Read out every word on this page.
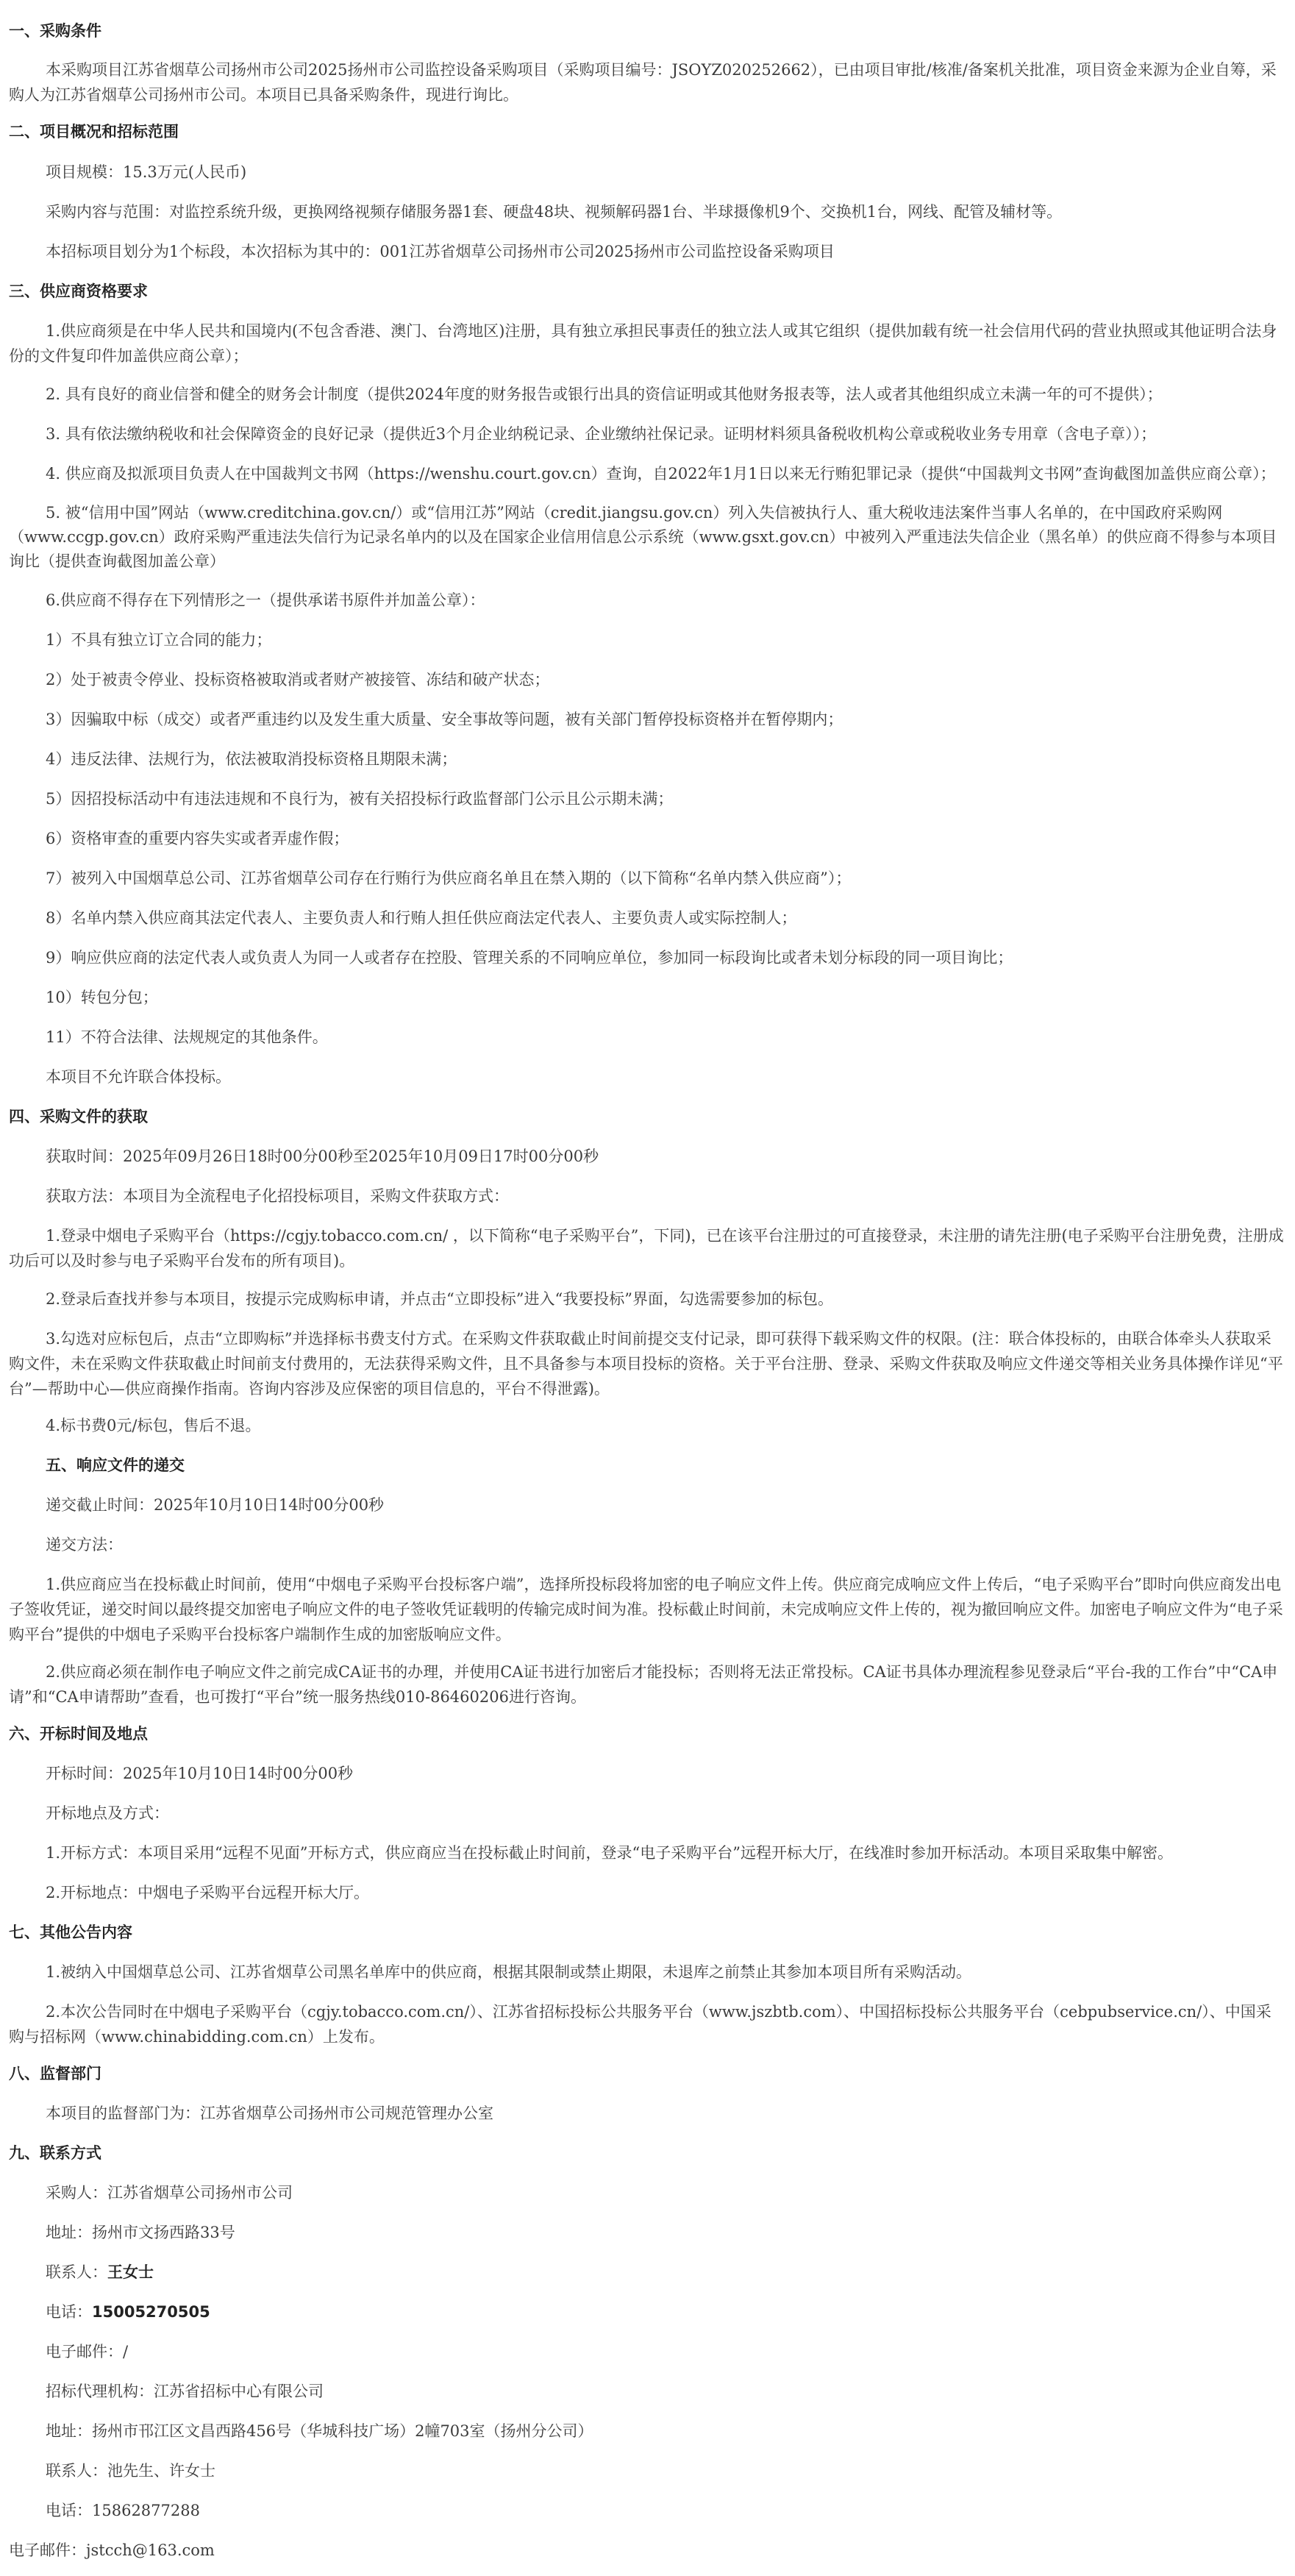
一、采购条件
本采购项目江苏省烟草公司扬州市公司2025扬州市公司监控设备采购项目（采购项目编号：JSOYZ020252662），已由项目审批/核准/备案机关批准，项目资金来源为企业自筹，采购人为江苏省烟草公司扬州市公司。本项目已具备采购条件，现进行询比。
二、项目概况和招标范围
项目规模：15.3万元(人民币)
采购内容与范围：对监控系统升级，更换网络视频存储服务器1套、硬盘48块、视频解码器1台、半球摄像机9个、交换机1台，网线、配管及辅材等。
本招标项目划分为1个标段，本次招标为其中的：001江苏省烟草公司扬州市公司2025扬州市公司监控设备采购项目
三、供应商资格要求
1.供应商须是在中华人民共和国境内(不包含香港、澳门、台湾地区)注册，具有独立承担民事责任的独立法人或其它组织（提供加载有统一社会信用代码的营业执照或其他证明合法身份的文件复印件加盖供应商公章）；
2. 具有良好的商业信誉和健全的财务会计制度（提供2024年度的财务报告或银行出具的资信证明或其他财务报表等，法人或者其他组织成立未满一年的可不提供）；
3. 具有依法缴纳税收和社会保障资金的良好记录（提供近3个月企业纳税记录、企业缴纳社保记录。证明材料须具备税收机构公章或税收业务专用章（含电子章））；
4. 供应商及拟派项目负责人在中国裁判文书网（https://wenshu.court.gov.cn）查询，自2022年1月1日以来无行贿犯罪记录（提供“中国裁判文书网”查询截图加盖供应商公章）；
5. 被“信用中国”网站（www.creditchina.gov.cn/）或“信用江苏”网站（credit.jiangsu.gov.cn）列入失信被执行人、重大税收违法案件当事人名单的，在中国政府采购网（www.ccgp.gov.cn）政府采购严重违法失信行为记录名单内的以及在国家企业信用信息公示系统（www.gsxt.gov.cn）中被列入严重违法失信企业（黑名单）的供应商不得参与本项目询比（提供查询截图加盖公章）
6.供应商不得存在下列情形之一（提供承诺书原件并加盖公章）：
1）不具有独立订立合同的能力；
2）处于被责令停业、投标资格被取消或者财产被接管、冻结和破产状态；
3）因骗取中标（成交）或者严重违约以及发生重大质量、安全事故等问题，被有关部门暂停投标资格并在暂停期内；
4）违反法律、法规行为，依法被取消投标资格且期限未满；
5）因招投标活动中有违法违规和不良行为，被有关招投标行政监督部门公示且公示期未满；
6）资格审查的重要内容失实或者弄虚作假；
7）被列入中国烟草总公司、江苏省烟草公司存在行贿行为供应商名单且在禁入期的（以下简称“名单内禁入供应商”）；
8）名单内禁入供应商其法定代表人、主要负责人和行贿人担任供应商法定代表人、主要负责人或实际控制人；
9）响应供应商的法定代表人或负责人为同一人或者存在控股、管理关系的不同响应单位，参加同一标段询比或者未划分标段的同一项目询比；
10）转包分包；
11）不符合法律、法规规定的其他条件。
本项目不允许联合体投标。
四、采购文件的获取
获取时间：2025年09月26日18时00分00秒至2025年10月09日17时00分00秒
获取方法：本项目为全流程电子化招投标项目，采购文件获取方式：
1.登录中烟电子采购平台（https://cgjy.tobacco.com.cn/ ，以下简称“电子采购平台”，下同)，已在该平台注册过的可直接登录，未注册的请先注册(电子采购平台注册免费，注册成功后可以及时参与电子采购平台发布的所有项目)。
2.登录后查找并参与本项目，按提示完成购标申请，并点击“立即投标”进入“我要投标”界面，勾选需要参加的标包。
3.勾选对应标包后，点击“立即购标”并选择标书费支付方式。在采购文件获取截止时间前提交支付记录，即可获得下载采购文件的权限。(注：联合体投标的，由联合体牵头人获取采购文件，未在采购文件获取截止时间前支付费用的，无法获得采购文件，且不具备参与本项目投标的资格。关于平台注册、登录、采购文件获取及响应文件递交等相关业务具体操作详见“平台”—帮助中心—供应商操作指南。咨询内容涉及应保密的项目信息的，平台不得泄露)。
4.标书费0元/标包，售后不退。
五、响应文件的递交
递交截止时间：2025年10月10日14时00分00秒
递交方法：
1.供应商应当在投标截止时间前，使用“中烟电子采购平台投标客户端”，选择所投标段将加密的电子响应文件上传。供应商完成响应文件上传后，“电子采购平台”即时向供应商发出电子签收凭证，递交时间以最终提交加密电子响应文件的电子签收凭证载明的传输完成时间为准。投标截止时间前，未完成响应文件上传的，视为撤回响应文件。加密电子响应文件为“电子采购平台”提供的中烟电子采购平台投标客户端制作生成的加密版响应文件。
2.供应商必须在制作电子响应文件之前完成CA证书的办理，并使用CA证书进行加密后才能投标；否则将无法正常投标。CA证书具体办理流程参见登录后“平台-我的工作台”中“CA申请”和“CA申请帮助”查看，也可拨打“平台”统一服务热线010-86460206进行咨询。
六、开标时间及地点
开标时间：2025年10月10日14时00分00秒
开标地点及方式：
1.开标方式：本项目采用“远程不见面”开标方式，供应商应当在投标截止时间前，登录“电子采购平台”远程开标大厅，在线准时参加开标活动。本项目采取集中解密。
2.开标地点：中烟电子采购平台远程开标大厅。
七、其他公告内容
1.被纳入中国烟草总公司、江苏省烟草公司黑名单库中的供应商，根据其限制或禁止期限，未退库之前禁止其参加本项目所有采购活动。
2.本次公告同时在中烟电子采购平台（cgjy.tobacco.com.cn/）、江苏省招标投标公共服务平台（www.jszbtb.com）、中国招标投标公共服务平台（cebpubservice.cn/）、中国采购与招标网（www.chinabidding.com.cn）上发布。
八、监督部门
本项目的监督部门为：江苏省烟草公司扬州市公司规范管理办公室
九、联系方式
采购人：江苏省烟草公司扬州市公司
地址：扬州市文扬西路33号
联系人：王女士
电话：15005270505
电子邮件：/
招标代理机构：江苏省招标中心有限公司
地址：扬州市邗江区文昌西路456号（华城科技广场）2幢703室（扬州分公司）
联系人：池先生、许女士
电话：15862877288
电子邮件：jstcch@163.com
